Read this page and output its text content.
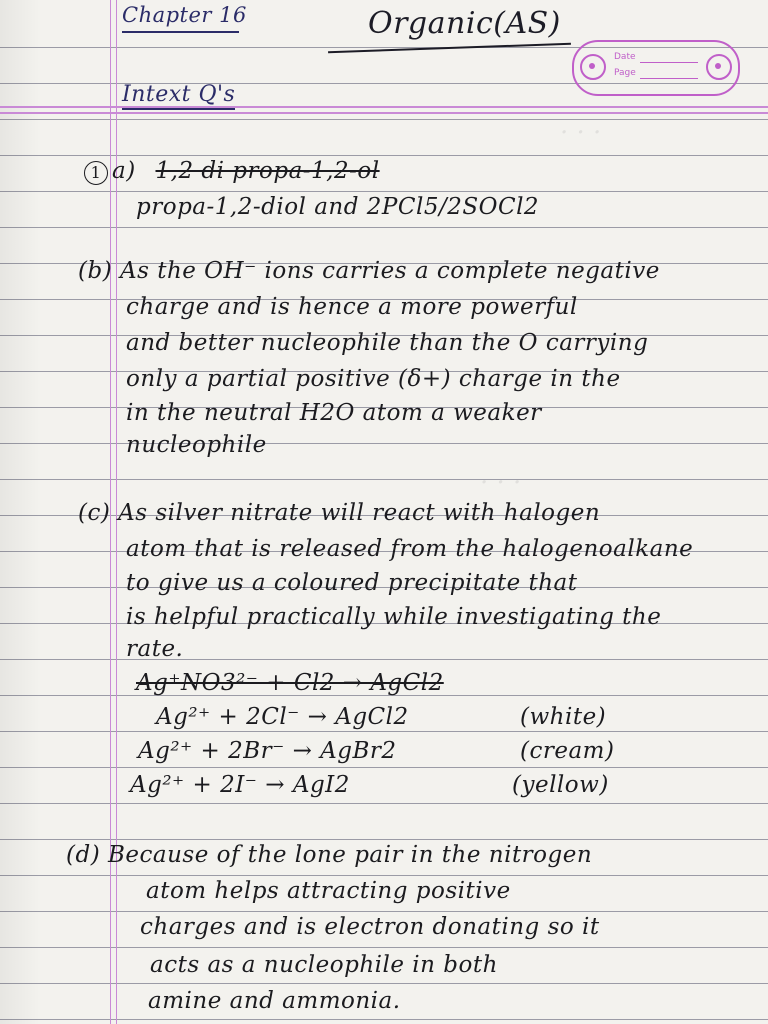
· · ·
· · ·
Chapter 16	Organic(AS)
Date
Page
Intext Q's
1 a) 1,2 di propa-1,2-ol
propa-1,2-diol and 2PCl5/2SOCl2
(b) As the OH⁻ ions carries a complete negative
charge and is hence a more powerful
and better nucleophile than the O carrying
only a partial positive (δ+) charge in the
in the neutral H2O atom a weaker
nucleophile
(c) As silver nitrate will react with halogen
atom that is released from the halogenoalkane
to give us a coloured precipitate that
is helpful practically while investigating the
rate.
Ag⁺NO3²⁻ + Cl2 → AgCl2
Ag²⁺ + 2Cl⁻ → AgCl2	(white)
Ag²⁺ + 2Br⁻ → AgBr2	(cream)
Ag²⁺ + 2I⁻ → AgI2	(yellow)
(d) Because of the lone pair in the nitrogen
atom helps attracting positive
charges and is electron donating so it
acts as a nucleophile in both
amine and ammonia.
